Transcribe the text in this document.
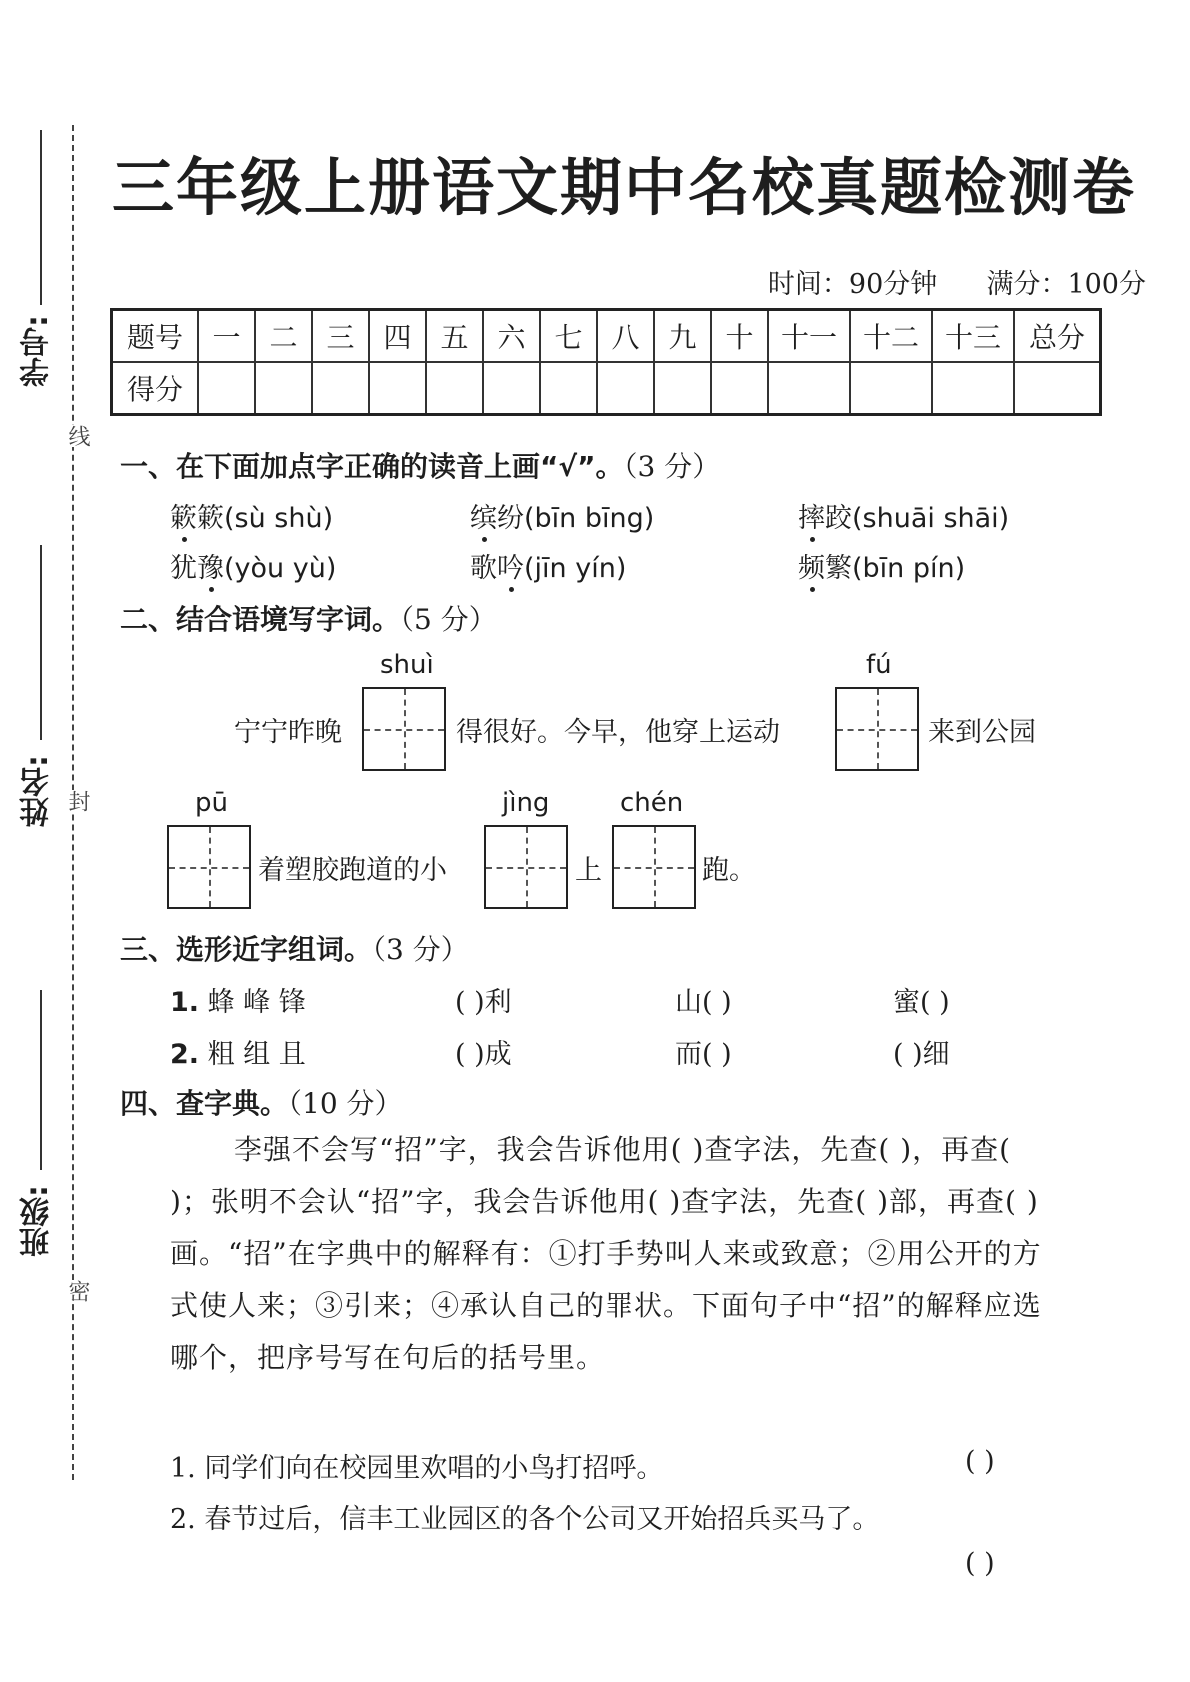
学号:
线
姓名: 封
班级:
密
三年级上册语文期中名校真题检测卷
时间：90分钟 满分：100分
题号	一	二	三	四	五	六	七	八	九	十	十一	十二	十三	总分
得分														
一、在下面加点字正确的读音上画“√”。（3 分）
簌簌(sù shù)	缤纷(bīn bīng)	摔跤(shuāi shāi)
犹豫(yòu yù)	歌吟(jīn yín)	频繁(bīn pín)
二、结合语境写字词。（5 分）
shuì	fú
宁宁昨晚	得很好。今早，他穿上运动	来到公园
pū	jìng	chén
着塑胶跑道的小	上	跑。
三、选形近字组词。（3 分）
1. 蜂 峰 锋	( )利	山( )	蜜( )
2. 粗 组 且	( )成	而( )	( )细
四、查字典。（10 分）
李强不会写“招”字，我会告诉他用( )查字法，先查( )，再查( )；张明不会认“招”字，我会告诉他用( )查字法，先查( )部，再查( )画。“招”在字典中的解释有：①打手势叫人来或致意；②用公开的方式使人来；③引来；④承认自己的罪状。下面句子中“招”的解释应选哪个，把序号写在句后的括号里。
1. 同学们向在校园里欢唱的小鸟打招呼。	( )
2. 春节过后，信丰工业园区的各个公司又开始招兵买马了。
( )
